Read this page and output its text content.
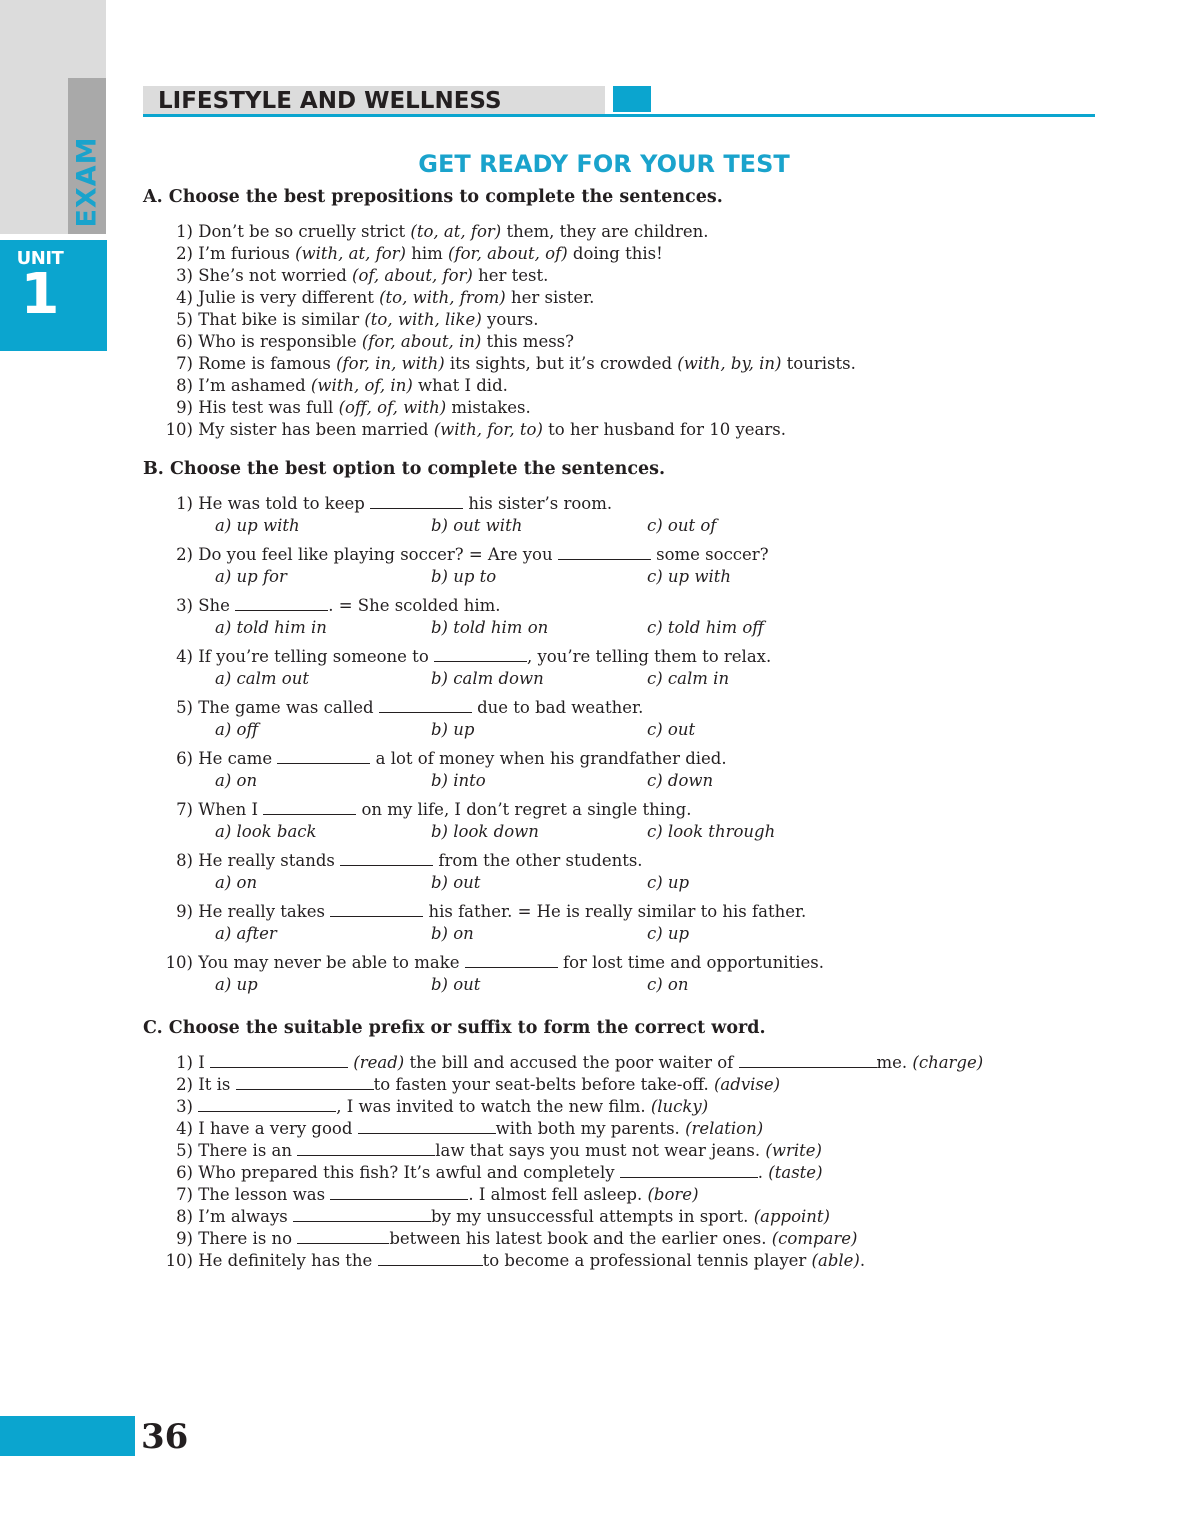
EXAM
UNIT
1
LIFESTYLE AND WELLNESS
GET READY FOR YOUR TEST
A. Choose the best prepositions to complete the sentences.
1) Don’t be so cruelly strict (to, at, for) them, they are children.
2) I’m furious (with, at, for) him (for, about, of) doing this!
3) She’s not worried (of, about, for) her test.
4) Julie is very different (to, with, from) her sister.
5) That bike is similar (to, with, like) yours.
6) Who is responsible (for, about, in) this mess?
7) Rome is famous (for, in, with) its sights, but it’s crowded (with, by, in) tourists.
8) I’m ashamed (with, of, in) what I did.
9) His test was full (off, of, with) mistakes.
10) My sister has been married (with, for, to) to her husband for 10 years.
B. Choose the best option to complete the sentences.
1) He was told to keep	his sister’s room.
a) up with	b) out with	c) out of
2) Do you feel like playing soccer? = Are you	some soccer?
a) up for	b) up to	c) up with
3) She	. = She scolded him.
a) told him in	b) told him on	c) told him off
4) If you’re telling someone to	, you’re telling them to relax.
a) calm out	b) calm down	c) calm in
5) The game was called	due to bad weather.
a) off	b) up	c) out
6) He came	a lot of money when his grandfather died.
a) on	b) into	c) down
7) When I	on my life, I don’t regret a single thing.
a) look back	b) look down	c) look through
8) He really stands	from the other students.
a) on	b) out	c) up
9) He really takes	his father. = He is really similar to his father.
a) after	b) on	c) up
10) You may never be able to make	for lost time and opportunities.
a) up	b) out	c) on
C. Choose the suitable prefix or suffix to form the correct word.
1) I	(read) the bill and accused the poor waiter of	me. (charge)
2) It is	to fasten your seat-belts before take-off. (advise)
3)	, I was invited to watch the new film. (lucky)
4) I have a very good	with both my parents. (relation)
5) There is an	law that says you must not wear jeans. (write)
6) Who prepared this fish? It’s awful and completely	. (taste)
7) The lesson was	. I almost fell asleep. (bore)
8) I’m always	by my unsuccessful attempts in sport. (appoint)
9) There is no	between his latest book and the earlier ones. (compare)
10) He definitely has the	to become a professional tennis player (able).
36
